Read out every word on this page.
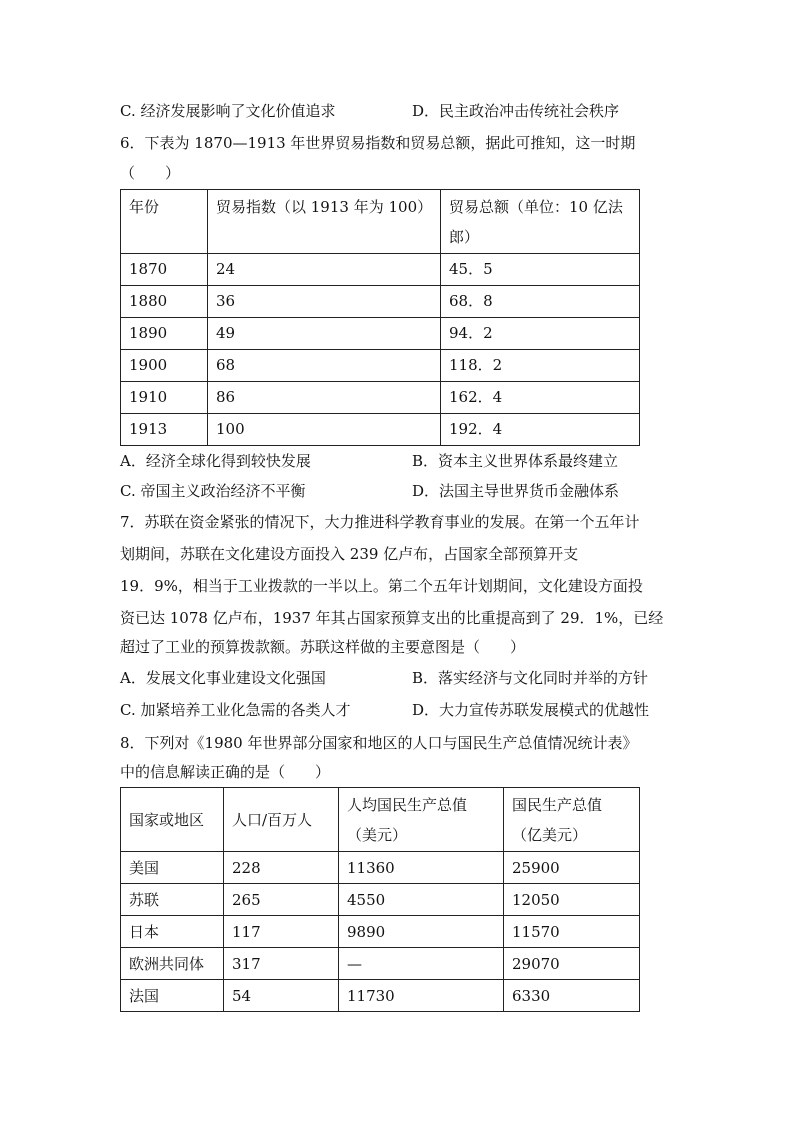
C. 经济发展影响了文化价值追求	D．民主政治冲击传统社会秩序
6．下表为 1870—1913 年世界贸易指数和贸易总额，据此可推知，这一时期
（　　）
年份	贸易指数（以 1913 年为 100）	贸易总额（单位：10 亿法
郎）
1870	24	45．5
1880	36	68．8
1890	49	94．2
1900	68	118．2
1910	86	162．4
1913	100	192．4
A．经济全球化得到较快发展	B．资本主义世界体系最终建立
C. 帝国主义政治经济不平衡	D．法国主导世界货币金融体系
7．苏联在资金紧张的情况下，大力推进科学教育事业的发展。在第一个五年计
划期间，苏联在文化建设方面投入 239 亿卢布，占国家全部预算开支
19．9%，相当于工业拨款的一半以上。第二个五年计划期间，文化建设方面投
资已达 1078 亿卢布，1937 年其占国家预算支出的比重提高到了 29．1%，已经
超过了工业的预算拨款额。苏联这样做的主要意图是（　　）
A．发展文化事业建设文化强国	B．落实经济与文化同时并举的方针
C. 加紧培养工业化急需的各类人才	D．大力宣传苏联发展模式的优越性
8．下列对《1980 年世界部分国家和地区的人口与国民生产总值情况统计表》
中的信息解读正确的是（　　）
国家或地区	人口/百万人	人均国民生产总值
（美元）	国民生产总值
（亿美元）
美国	228	11360	25900
苏联	265	4550	12050
日本	117	9890	11570
欧洲共同体	317	—	29070
法国	54	11730	6330
